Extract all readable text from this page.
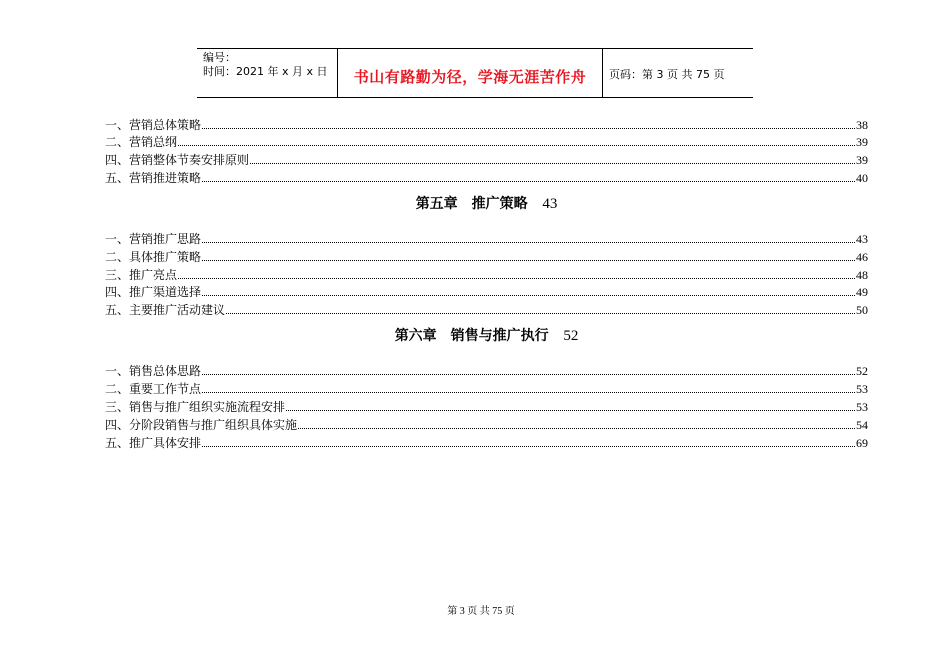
编号：
时间：2021 年 x 月 x 日	书山有路勤为径，学海无涯苦作舟	页码：第 3 页 共 75 页
一、营销总体策略	38
二、营销总纲	39
四、营销整体节奏安排原则	39
五、营销推进策略	40
第五章　推广策略 43
一、营销推广思路	43
二、具体推广策略	46
三、推广亮点	48
四、推广渠道选择	49
五、主要推广活动建议	50
第六章　销售与推广执行 52
一、销售总体思路	52
二、重要工作节点	53
三、销售与推广组织实施流程安排	53
四、分阶段销售与推广组织具体实施	54
五、推广具体安排	69
第 3 页 共 75 页
